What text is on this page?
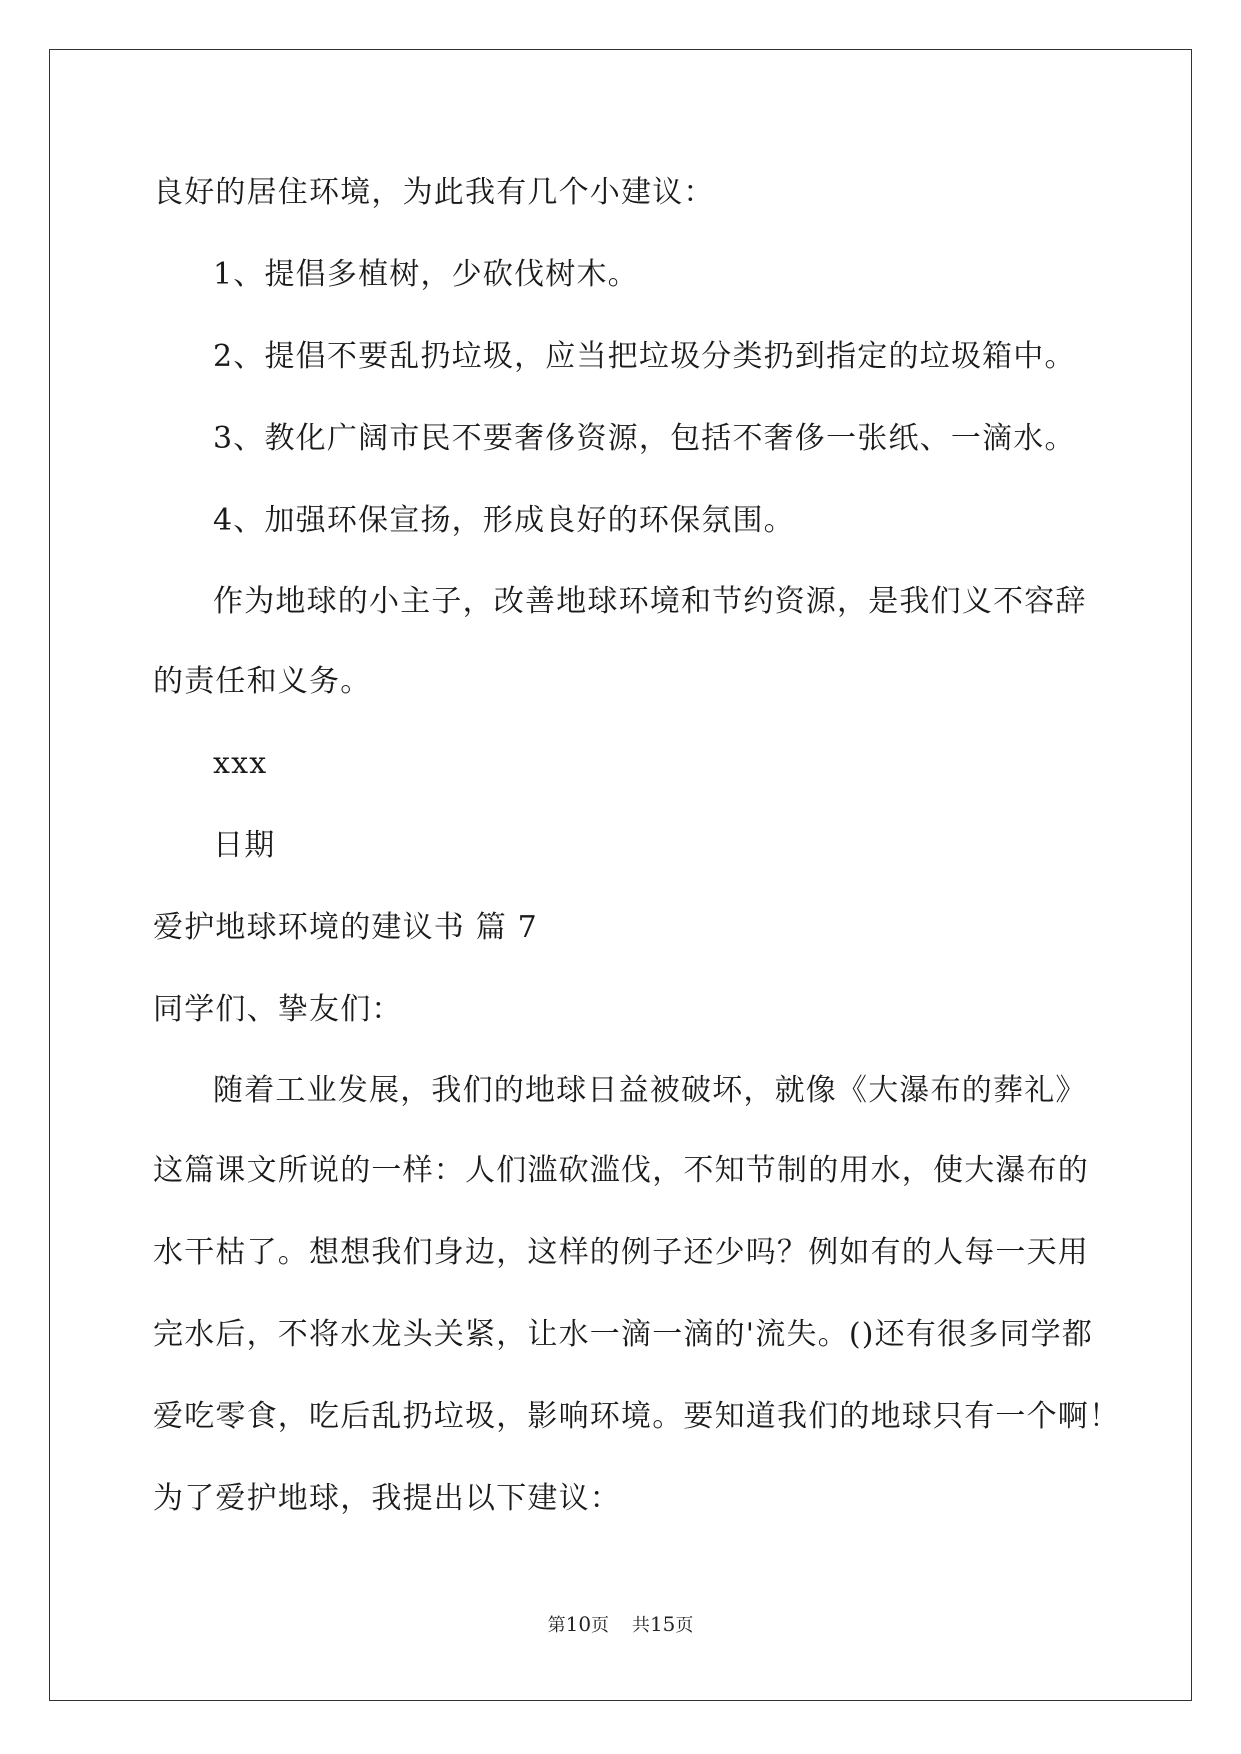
良好的居住环境，为此我有几个小建议：
1、提倡多植树，少砍伐树木。
2、提倡不要乱扔垃圾，应当把垃圾分类扔到指定的垃圾箱中。
3、教化广阔市民不要奢侈资源，包括不奢侈一张纸、一滴水。
4、加强环保宣扬，形成良好的环保氛围。
作为地球的小主子，改善地球环境和节约资源，是我们义不容辞
的责任和义务。
xxx
日期
爱护地球环境的建议书 篇 7
同学们、挚友们：
随着工业发展，我们的地球日益被破坏，就像《大瀑布的葬礼》
这篇课文所说的一样：人们滥砍滥伐，不知节制的用水，使大瀑布的
水干枯了。想想我们身边，这样的例子还少吗？例如有的人每一天用
完水后，不将水龙头关紧，让水一滴一滴的'流失。()还有很多同学都
爱吃零食，吃后乱扔垃圾，影响环境。要知道我们的地球只有一个啊！
为了爱护地球，我提出以下建议：
第10页    共15页
